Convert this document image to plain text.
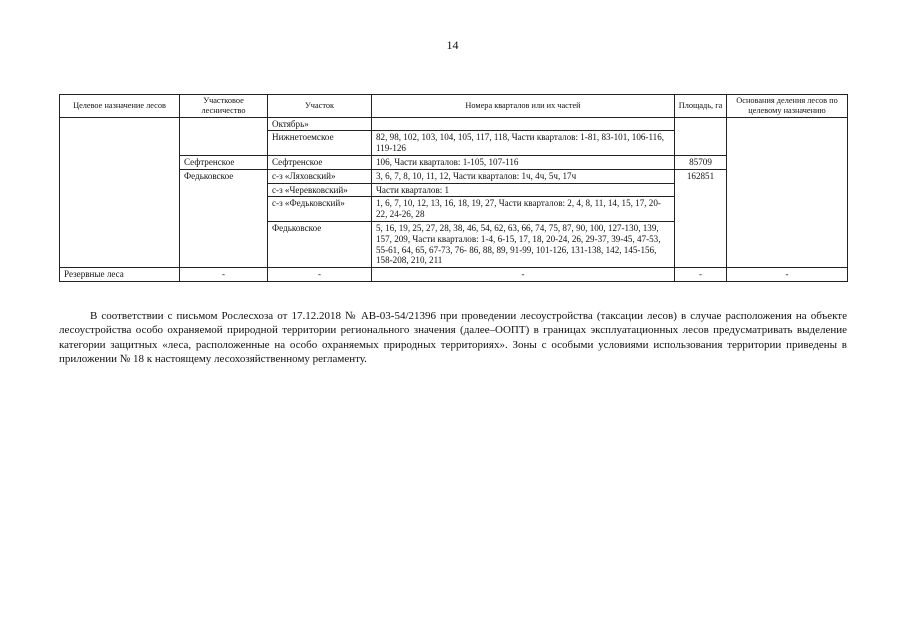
14
Целевое назначение лесов	Участковое лесничество	Участок	Номера кварталов или их частей	Площадь, га	Основания деления лесов по целевому назначению
		Октябрь»			
		Нижнетоемское	82, 98, 102, 103, 104, 105, 117, 118, Части кварталов: 1-81, 83-101, 106-116, 119-126		
	Сефтренское	Сефтренское	106, Части кварталов: 1-105, 107-116	85709	
	Федьковское	с-з «Ляховский»	3, 6, 7, 8, 10, 11, 12, Части кварталов: 1ч, 4ч, 5ч, 17ч	162851	
		с-з «Черевковский»	Части кварталов: 1		
		с-з «Федьковский»	1, 6, 7, 10, 12, 13, 16, 18, 19, 27, Части кварталов: 2, 4, 8, 11, 14, 15, 17, 20-22, 24-26, 28		
		Федьковское	5, 16, 19, 25, 27, 28, 38, 46, 54, 62, 63, 66, 74, 75, 87, 90, 100, 127-130, 139, 157, 209, Части кварталов: 1-4, 6-15, 17, 18, 20-24, 26, 29-37, 39-45, 47-53, 55-61, 64, 65, 67-73, 76- 86, 88, 89, 91-99, 101-126, 131-138, 142, 145-156, 158-208, 210, 211		
Резервные леса	-	-	-	-	-

В соответствии с письмом Рослесхоза от 17.12.2018 № АВ-03-54/21396 при проведении лесоустройства (таксации лесов) в случае расположения на объекте лесоустройства особо охраняемой природной территории регионального значения (далее–ООПТ) в границах эксплуатационных лесов предусматривать выделение категории защитных «леса, расположенные на особо охраняемых природных территориях». Зоны с особыми условиями использования территории приведены в приложении № 18 к настоящему лесохозяйственному регламенту.
